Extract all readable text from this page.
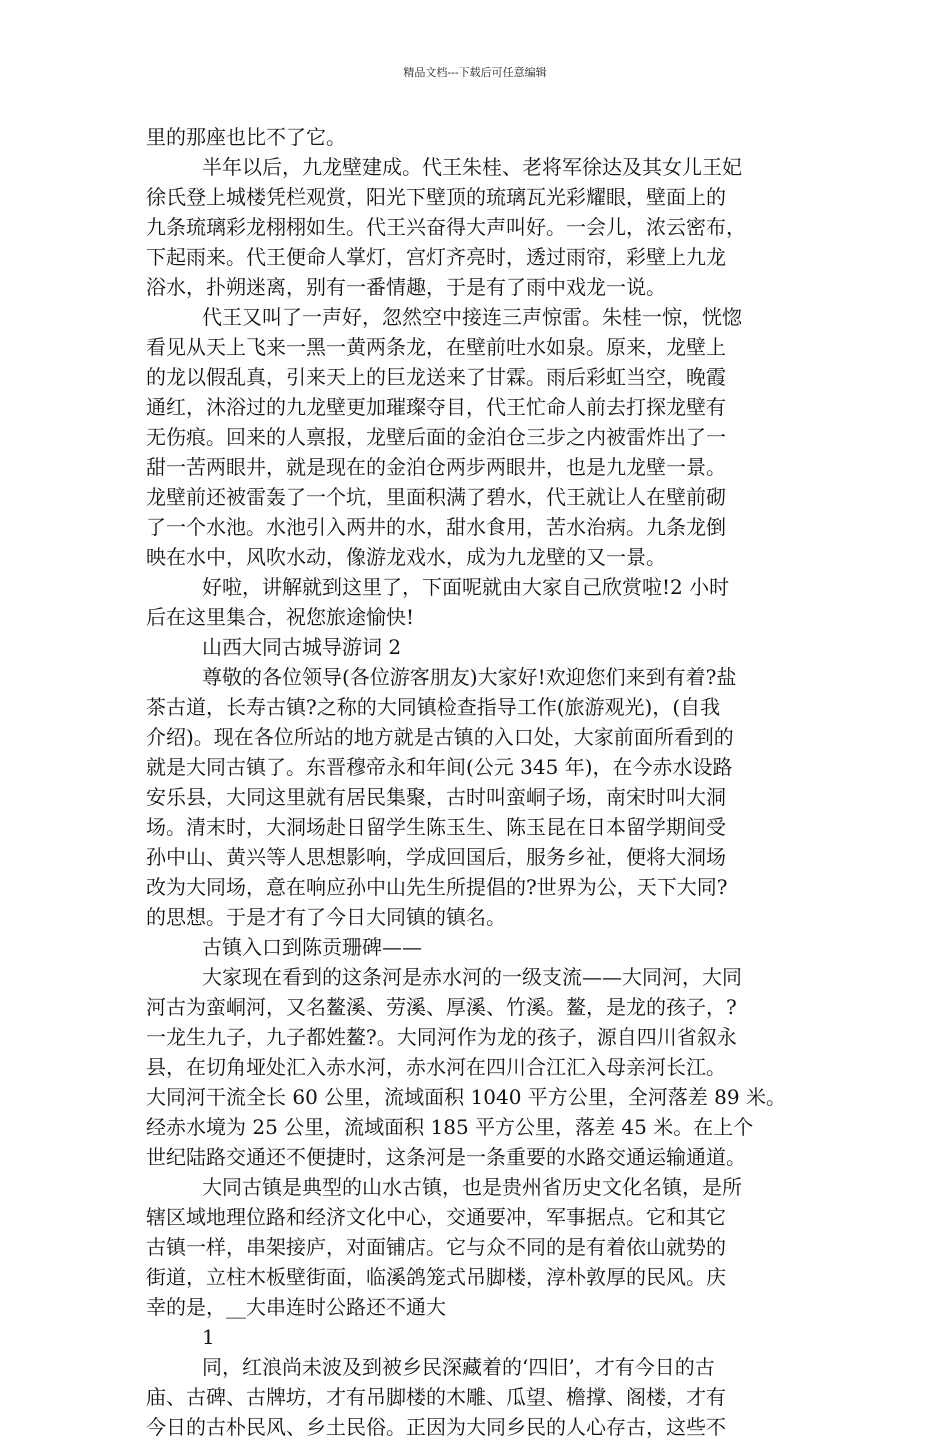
精品文档---下载后可任意编辑
里的那座也比不了它。
半年以后，九龙壁建成。代王朱桂、老将军徐达及其女儿王妃
徐氏登上城楼凭栏观赏，阳光下壁顶的琉璃瓦光彩耀眼，壁面上的
九条琉璃彩龙栩栩如生。代王兴奋得大声叫好。一会儿，浓云密布，
下起雨来。代王便命人掌灯，宫灯齐亮时，透过雨帘，彩壁上九龙
浴水，扑朔迷离，别有一番情趣，于是有了雨中戏龙一说。
代王又叫了一声好，忽然空中接连三声惊雷。朱桂一惊，恍惚
看见从天上飞来一黑一黄两条龙，在壁前吐水如泉。原来，龙壁上
的龙以假乱真，引来天上的巨龙送来了甘霖。雨后彩虹当空，晚霞
通红，沐浴过的九龙壁更加璀璨夺目，代王忙命人前去打探龙壁有
无伤痕。回来的人禀报，龙壁后面的金泊仓三步之内被雷炸出了一
甜一苦两眼井，就是现在的金泊仓两步两眼井，也是九龙壁一景。
龙壁前还被雷轰了一个坑，里面积满了碧水，代王就让人在壁前砌
了一个水池。水池引入两井的水，甜水食用，苦水治病。九条龙倒
映在水中，风吹水动，像游龙戏水，成为九龙壁的又一景。
好啦，讲解就到这里了，下面呢就由大家自己欣赏啦!2 小时
后在这里集合，祝您旅途愉快!
山西大同古城导游词 2
尊敬的各位领导(各位游客朋友)大家好!欢迎您们来到有着?盐
茶古道，长寿古镇?之称的大同镇检查指导工作(旅游观光)，(自我
介绍)。现在各位所站的地方就是古镇的入口处，大家前面所看到的
就是大同古镇了。东晋穆帝永和年间(公元 345 年)，在今赤水设路
安乐县，大同这里就有居民集聚，古时叫蛮峒子场，南宋时叫大洞
场。清末时，大洞场赴日留学生陈玉生、陈玉昆在日本留学期间受
孙中山、黄兴等人思想影响，学成回国后，服务乡祉，便将大洞场
改为大同场，意在响应孙中山先生所提倡的?世界为公，天下大同?
的思想。于是才有了今日大同镇的镇名。
古镇入口到陈贡珊碑——
大家现在看到的这条河是赤水河的一级支流——大同河，大同
河古为蛮峒河，又名鳌溪、劳溪、厚溪、竹溪。鳌，是龙的孩子，?
一龙生九子，九子都姓鳌?。大同河作为龙的孩子，源自四川省叙永
县，在切角垭处汇入赤水河，赤水河在四川合江汇入母亲河长江。
大同河干流全长 60 公里，流域面积 1040 平方公里，全河落差 89 米。
经赤水境为 25 公里，流域面积 185 平方公里，落差 45 米。在上个
世纪陆路交通还不便捷时，这条河是一条重要的水路交通运输通道。
大同古镇是典型的山水古镇，也是贵州省历史文化名镇，是所
辖区域地理位路和经济文化中心，交通要冲，军事据点。它和其它
古镇一样，串架接庐，对面铺店。它与众不同的是有着依山就势的
街道，立柱木板壁街面，临溪鸽笼式吊脚楼，淳朴敦厚的民风。庆
幸的是，__大串连时公路还不通大
1
同，红浪尚未波及到被乡民深藏着的‘四旧’，才有今日的古
庙、古碑、古牌坊，才有吊脚楼的木雕、瓜望、檐撑、阁楼，才有
今日的古朴民风、乡土民俗。正因为大同乡民的人心存古，这些不
